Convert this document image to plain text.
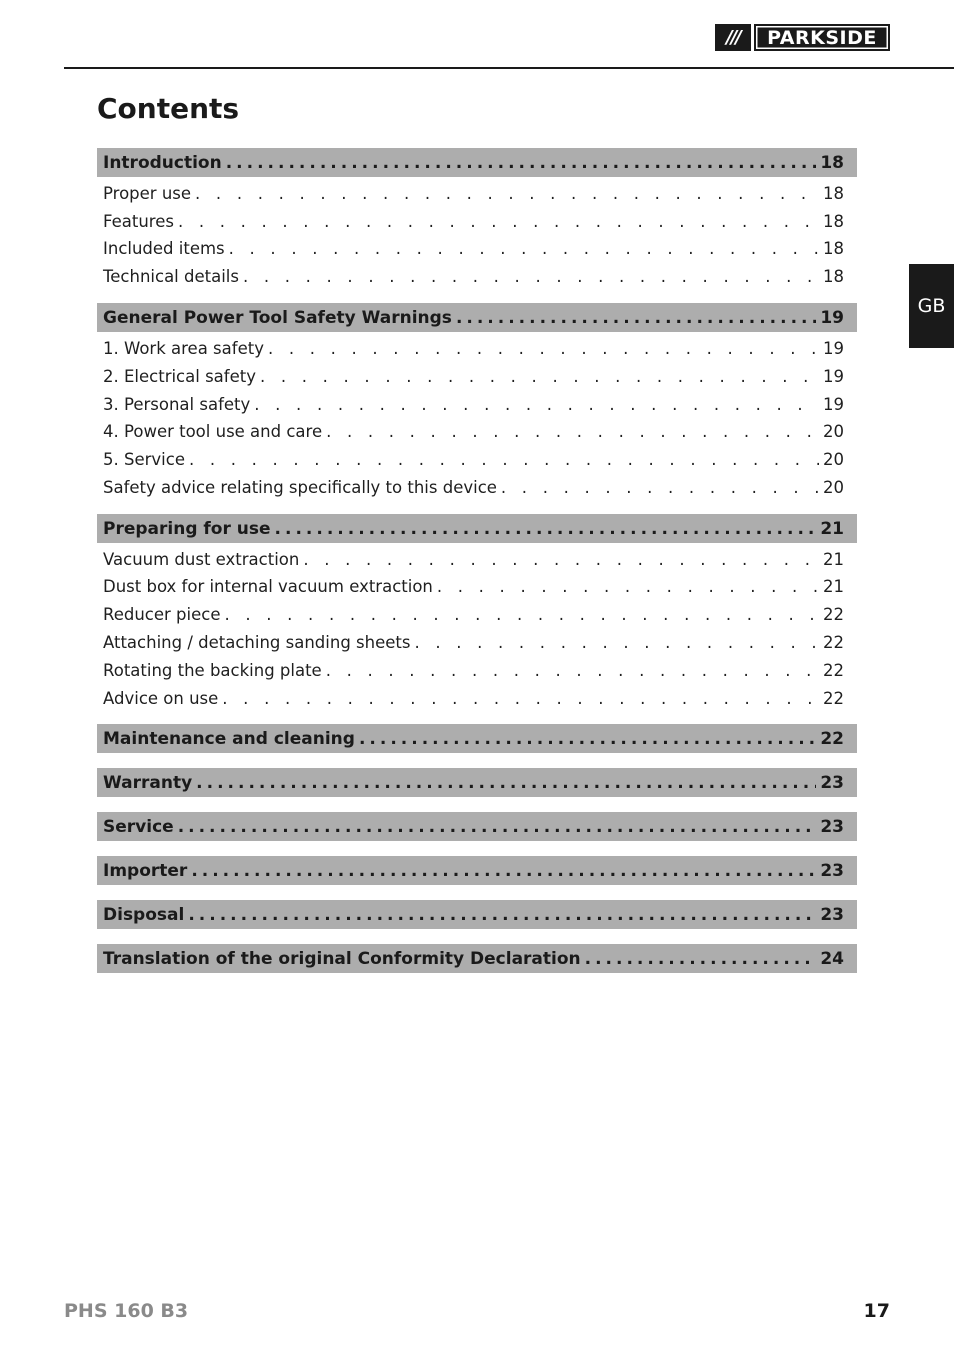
///	PARKSIDE
Contents
GB
Introduction .....	18
Proper use . . .	18
Features . . .	18
Included items . . .	18
Technical details . . .	18
General Power Tool Safety Warnings .....	19
1. Work area safety . . .	19
2. Electrical safety . . .	19
3. Personal safety . . .	19
4. Power tool use and care . . .	20
5. Service . . .	20
Safety advice relating specifically to this device . . .	20
Preparing for use .....	21
Vacuum dust extraction . . .	21
Dust box for internal vacuum extraction . . .	21
Reducer piece . . .	22
Attaching / detaching sanding sheets . . .	22
Rotating the backing plate . . .	22
Advice on use . . .	22
Maintenance and cleaning .....	22
Warranty .....	23
Service .....	23
Importer .....	23
Disposal .....	23
Translation of the original Conformity Declaration .....	24
PHS 160 B3	17
